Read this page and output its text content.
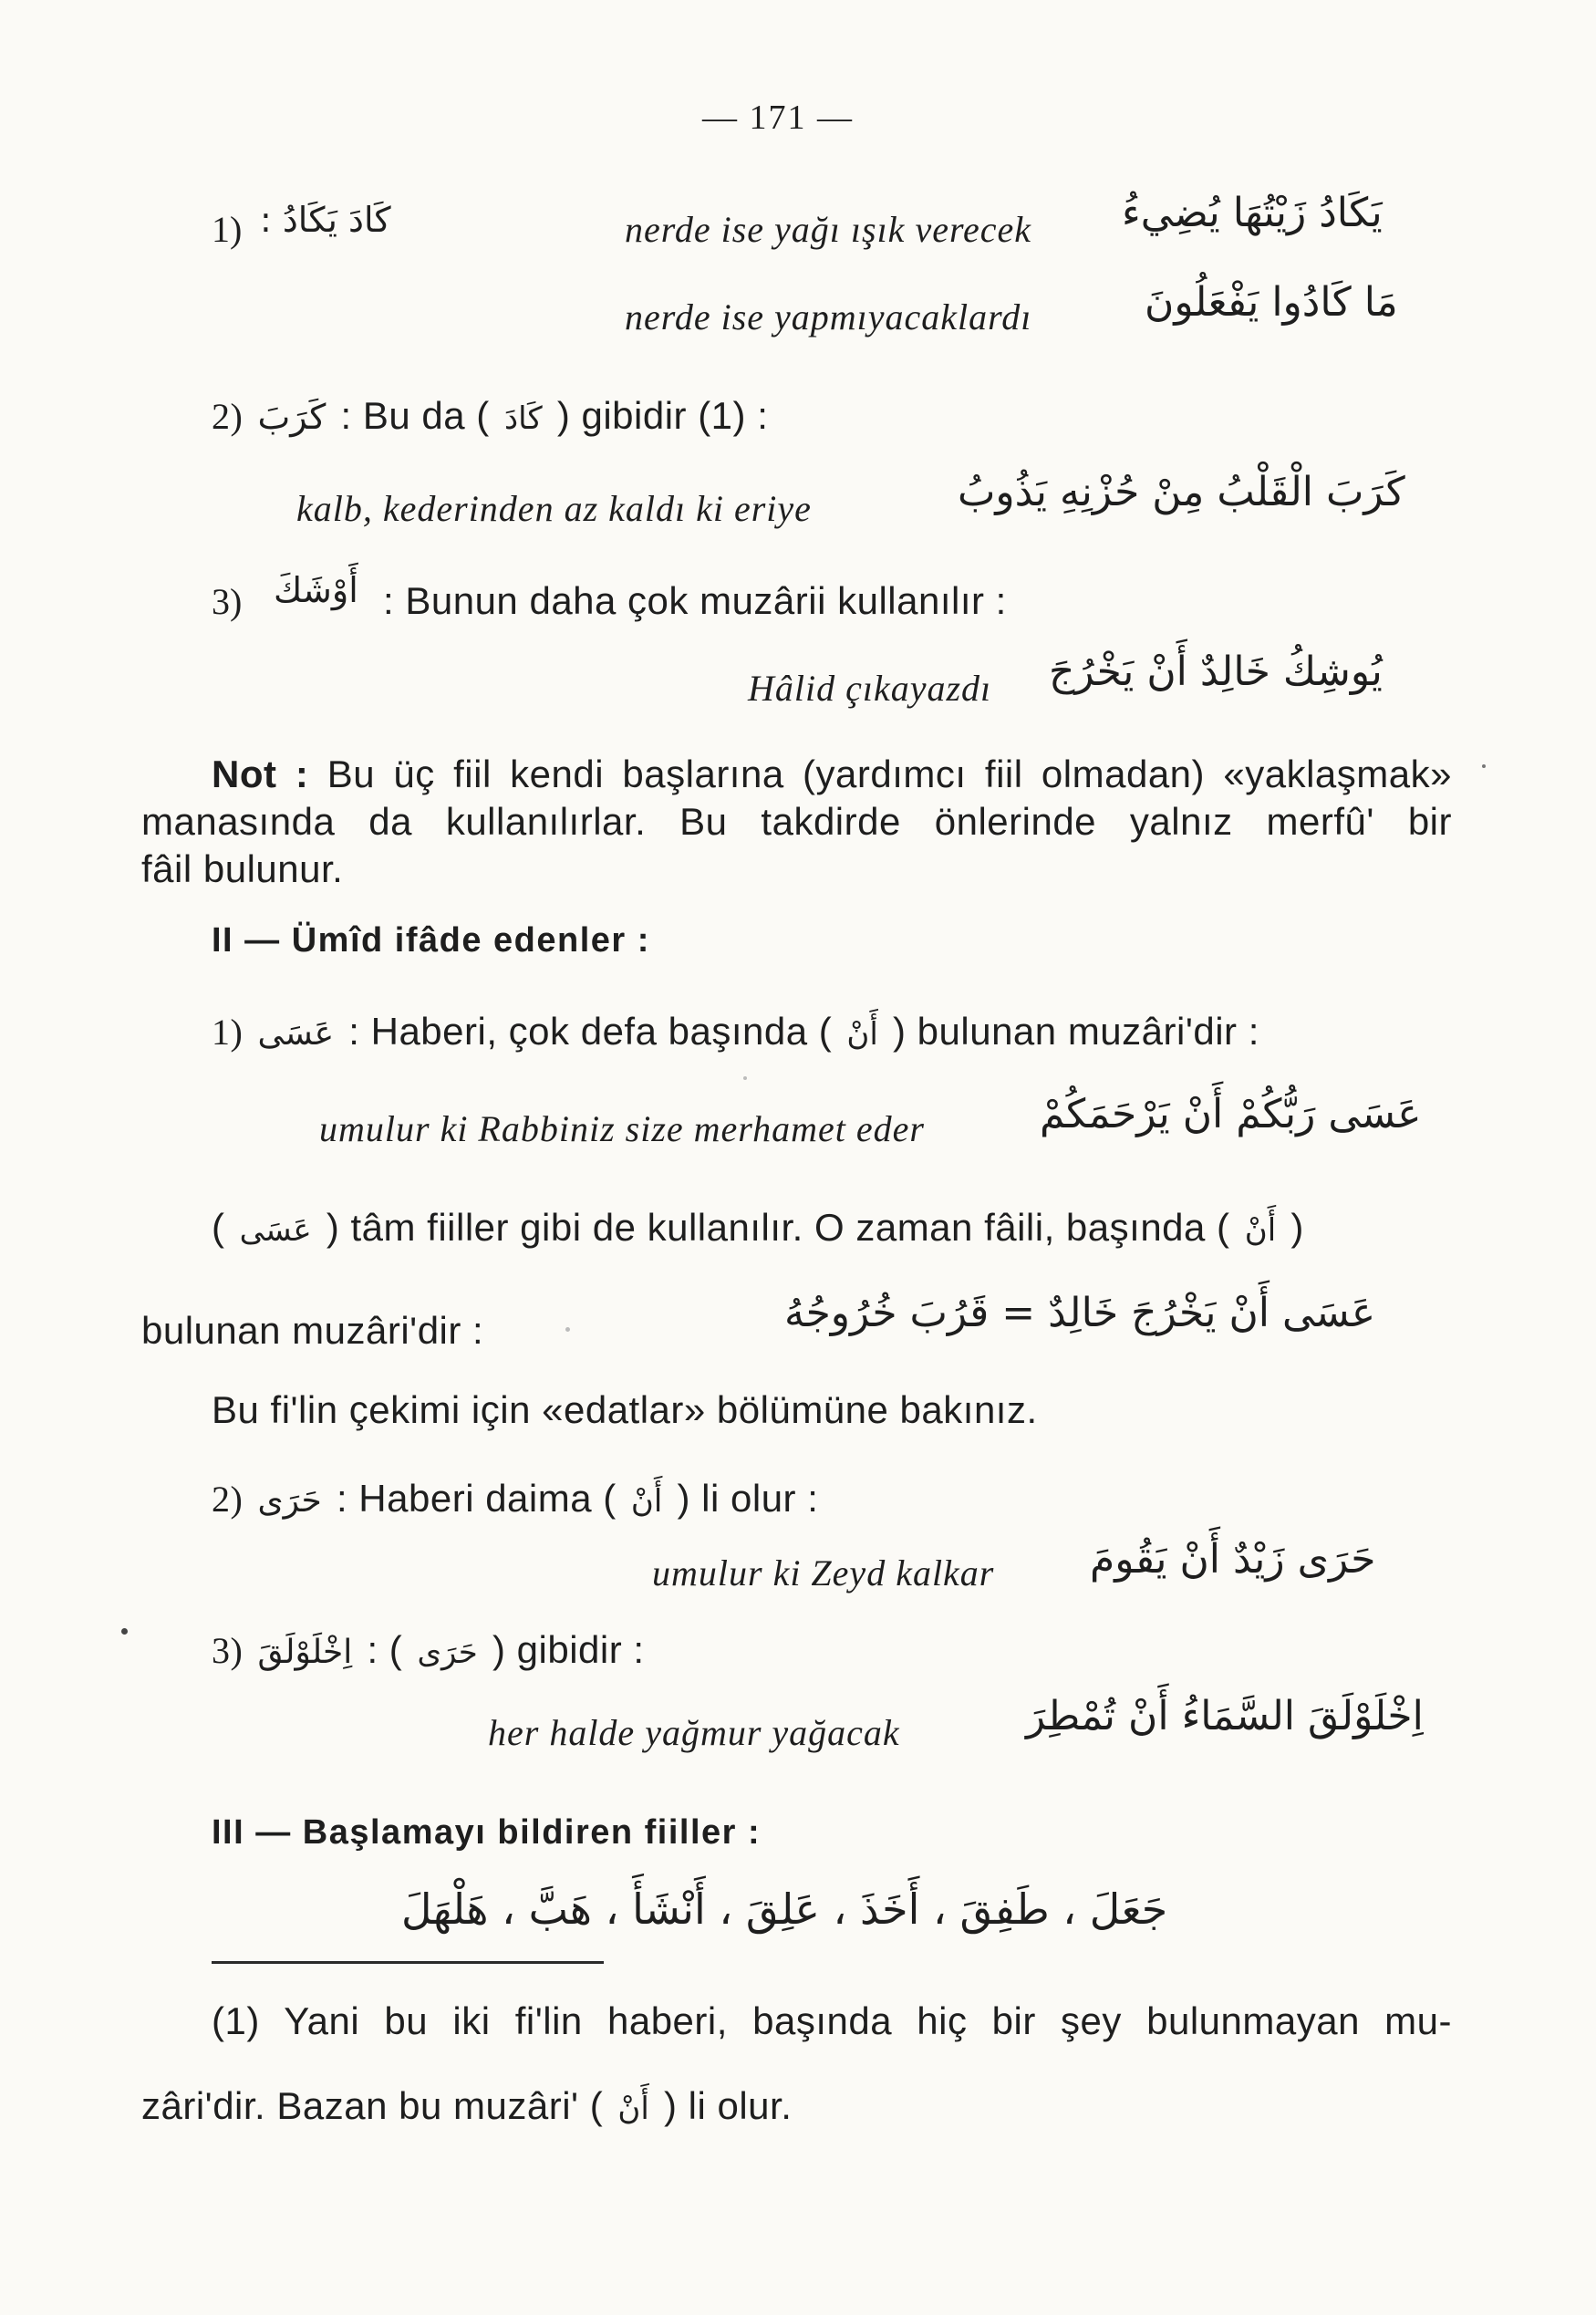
— 171 —
1) كَادَ يَكَادُ :	nerde ise yağı ışık verecek يَكَادُ زَيْتُهَا يُضِيءُ
nerde ise yapmıyacaklardı	مَا كَادُوا يَفْعَلُونَ
2) كَرَبَ : Bu da ( كَادَ ) gibidir (1) :
kalb, kederinden az kaldı ki eriye	كَرَبَ الْقَلْبُ مِنْ حُزْنِهِ يَذُوبُ
3) أَوْشَكَ : Bunun daha çok muzârii kullanılır :
Hâlid çıkayazdı يُوشِكُ خَالِدٌ أَنْ يَخْرُجَ
Not : Bu üç fiil kendi başlarına (yardımcı fiil olmadan) «yaklaşmak»
manasında da kullanılırlar. Bu takdirde önlerinde yalnız merfû' bir
fâil bulunur.
II — Ümîd ifâde edenler :
1) عَسَى : Haberi, çok defa başında ( أَنْ ) bulunan muzâri'dir :
umulur ki Rabbiniz size merhamet eder	عَسَى رَبُّكُمْ أَنْ يَرْحَمَكُمْ
( عَسَى ) tâm fiiller gibi de kullanılır. O zaman fâili, başında ( أَنْ )
bulunan muzâri'dir :	عَسَى أَنْ يَخْرُجَ خَالِدٌ = قَرُبَ خُرُوجُهُ
Bu fi'lin çekimi için «edatlar» bölümüne bakınız.
2) حَرَى : Haberi daima ( أَنْ ) li olur :
umulur ki Zeyd kalkar حَرَى زَيْدٌ أَنْ يَقُومَ
3) اِخْلَوْلَقَ : ( حَرَى ) gibidir :
her halde yağmur yağacak	اِخْلَوْلَقَ السَّمَاءُ أَنْ تُمْطِرَ
III — Başlamayı bildiren fiiller :
جَعَلَ ، طَفِقَ ، أَخَذَ ، عَلِقَ ، أَنْشَأَ ، هَبَّ ، هَلْهَلَ
(1) Yani bu iki fi'lin haberi, başında hiç bir şey bulunmayan mu-
zâri'dir. Bazan bu muzâri' ( أَنْ ) li olur.
